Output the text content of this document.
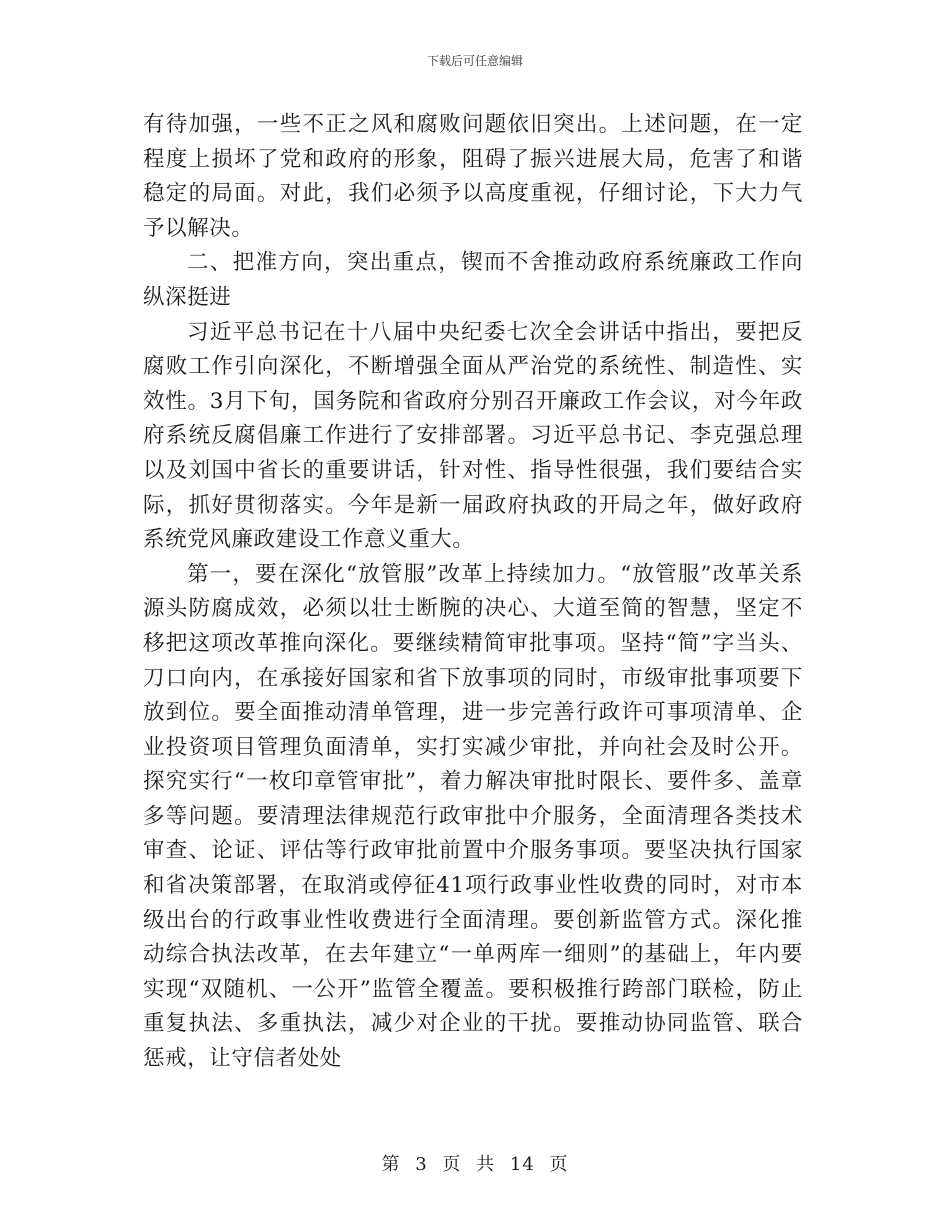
下载后可任意编辑

有待加强，一些不正之风和腐败问题依旧突出。上述问题，在一定程度上损坏了党和政府的形象，阻碍了振兴进展大局，危害了和谐稳定的局面。对此，我们必须予以高度重视，仔细讨论，下大力气予以解决。

二、把准方向，突出重点，锲而不舍推动政府系统廉政工作向纵深挺进

习近平总书记在十八届中央纪委七次全会讲话中指出，要把反腐败工作引向深化，不断增强全面从严治党的系统性、制造性、实效性。3月下旬，国务院和省政府分别召开廉政工作会议，对今年政府系统反腐倡廉工作进行了安排部署。习近平总书记、李克强总理以及刘国中省长的重要讲话，针对性、指导性很强，我们要结合实际，抓好贯彻落实。今年是新一届政府执政的开局之年，做好政府系统党风廉政建设工作意义重大。

第一，要在深化“放管服”改革上持续加力。“放管服”改革关系源头防腐成效，必须以壮士断腕的决心、大道至简的智慧，坚定不移把这项改革推向深化。要继续精简审批事项。坚持“简”字当头、刀口向内，在承接好国家和省下放事项的同时，市级审批事项要下放到位。要全面推动清单管理，进一步完善行政许可事项清单、企业投资项目管理负面清单，实打实减少审批，并向社会及时公开。探究实行“一枚印章管审批”，着力解决审批时限长、要件多、盖章多等问题。要清理法律规范行政审批中介服务，全面清理各类技术审查、论证、评估等行政审批前置中介服务事项。要坚决执行国家和省决策部署，在取消或停征41项行政事业性收费的同时，对市本级出台的行政事业性收费进行全面清理。要创新监管方式。深化推动综合执法改革，在去年建立“一单两库一细则”的基础上，年内要实现“双随机、一公开”监管全覆盖。要积极推行跨部门联检，防止重复执法、多重执法，减少对企业的干扰。要推动协同监管、联合惩戒，让守信者处处

第 3 页 共 14 页
